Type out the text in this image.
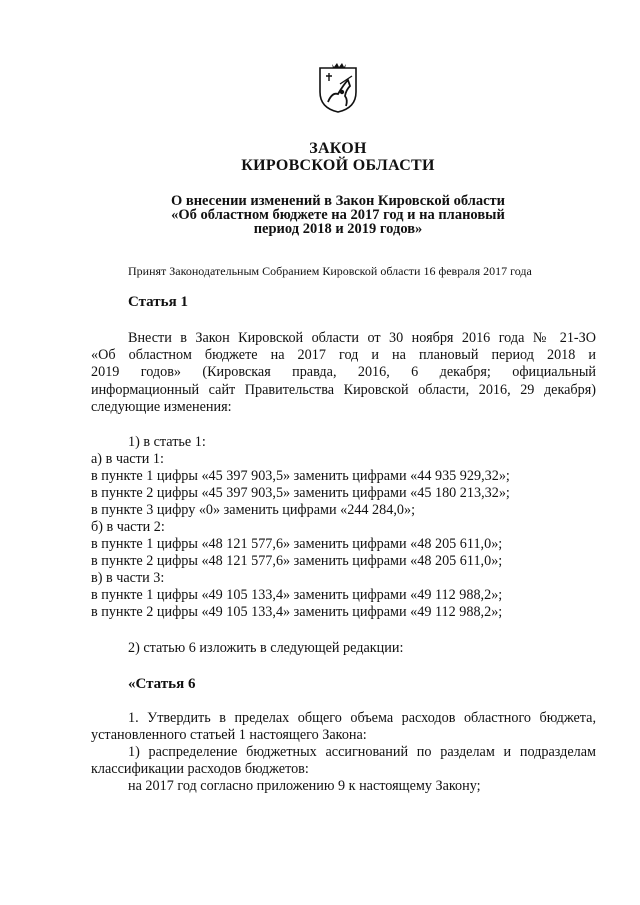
ЗАКОН
КИРОВСКОЙ ОБЛАСТИ
О внесении изменений в Закон Кировской области
«Об областном бюджете на 2017 год и на плановый
период 2018 и 2019 годов»
Принят Законодательным Собранием Кировской области 16 февраля 2017 года
Статья 1
Внести в Закон Кировской области от 30 ноября 2016 года № 21-ЗО
«Об областном бюджете на 2017 год и на плановый период 2018 и
2019 годов» (Кировская правда, 2016, 6 декабря; официальный
информационный сайт Правительства Кировской области, 2016, 29 декабря)
следующие изменения:
1) в статье 1:
а) в части 1:
в пункте 1 цифры «45 397 903,5» заменить цифрами «44 935 929,32»;
в пункте 2 цифры «45 397 903,5» заменить цифрами «45 180 213,32»;
в пункте 3 цифру «0» заменить цифрами «244 284,0»;
б) в части 2:
в пункте 1 цифры «48 121 577,6» заменить цифрами «48 205 611,0»;
в пункте 2 цифры «48 121 577,6» заменить цифрами «48 205 611,0»;
в) в части 3:
в пункте 1 цифры «49 105 133,4» заменить цифрами «49 112 988,2»;
в пункте 2 цифры «49 105 133,4» заменить цифрами «49 112 988,2»;
2) статью 6 изложить в следующей редакции:
«Статья 6
1. Утвердить в пределах общего объема расходов областного бюджета,
установленного статьей 1 настоящего Закона:
1) распределение бюджетных ассигнований по разделам и подразделам
классификации расходов бюджетов:
на 2017 год согласно приложению 9 к настоящему Закону;
